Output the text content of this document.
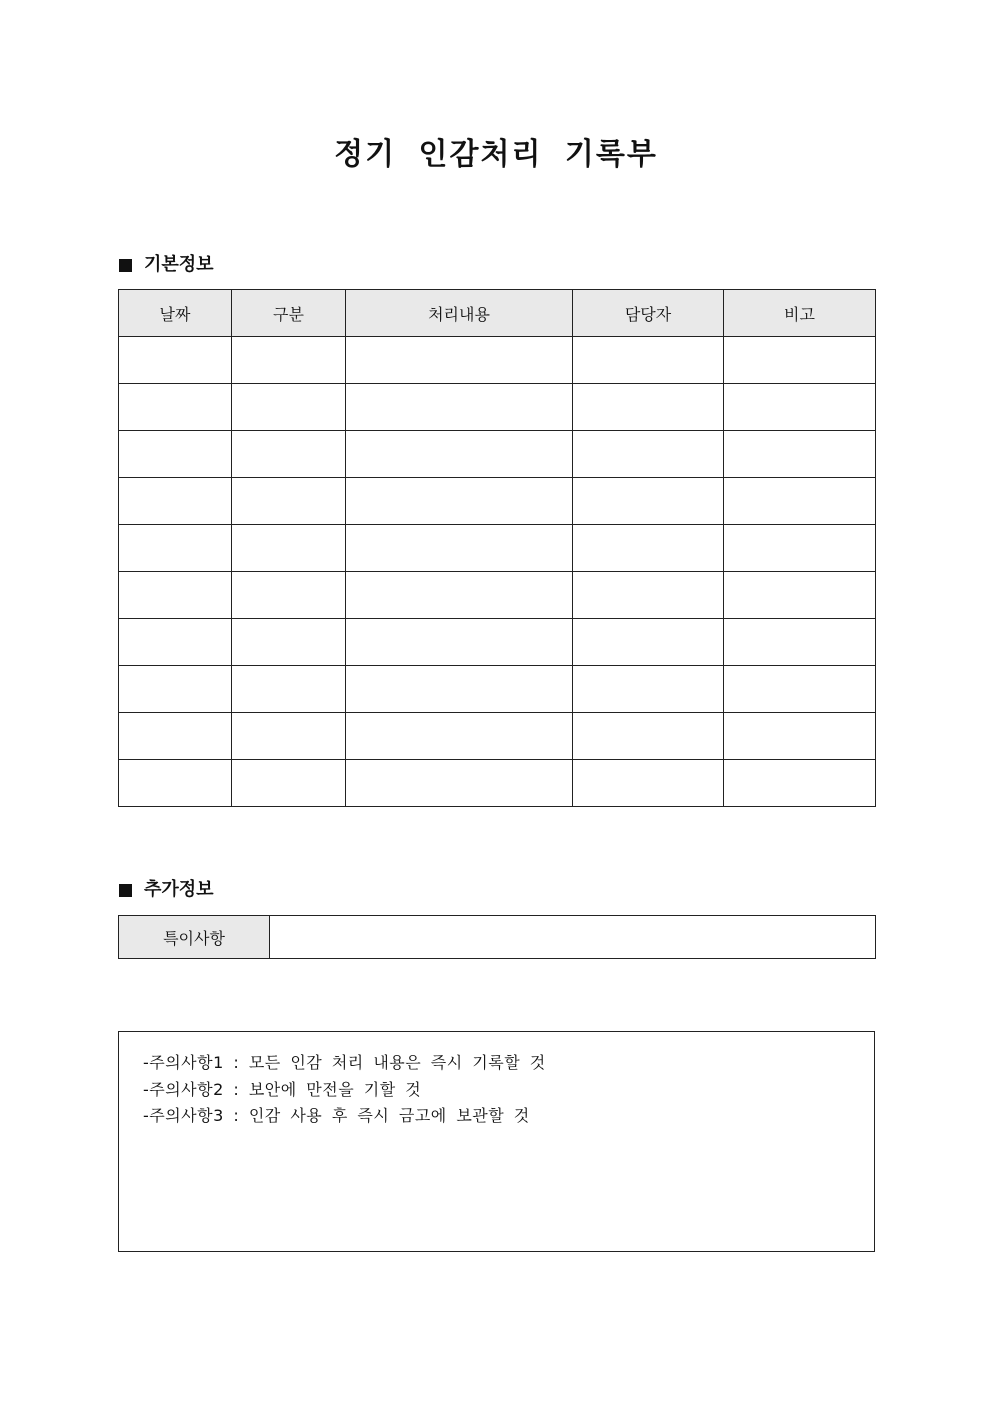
정기 인감처리 기록부
기본정보
날짜	구분	처리내용	담당자	비고

추가정보
특이사항	
-주의사항1 : 모든 인감 처리 내용은 즉시 기록할 것
-주의사항2 : 보안에 만전을 기할 것
-주의사항3 : 인감 사용 후 즉시 금고에 보관할 것
